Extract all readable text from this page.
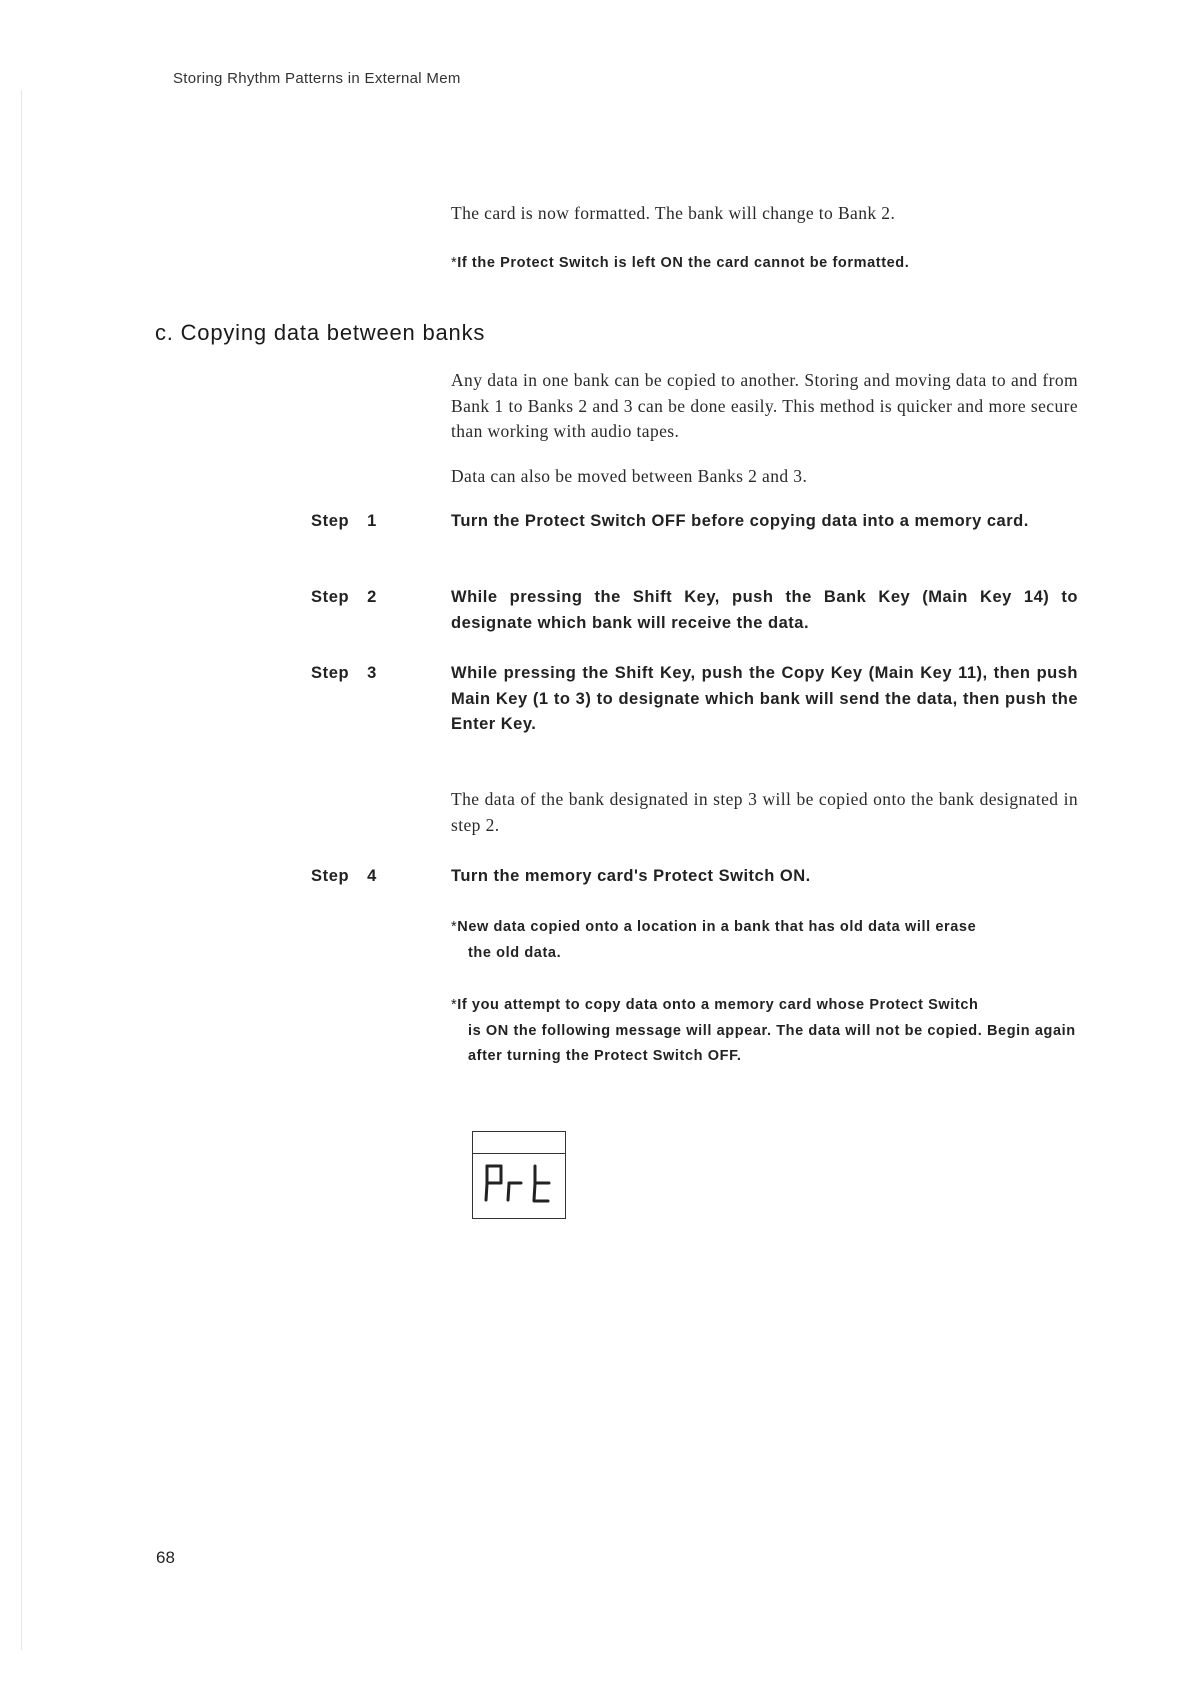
Storing Rhythm Patterns in External Mem
The card is now formatted. The bank will change to Bank 2.
*If the Protect Switch is left ON the card cannot be formatted.
c. Copying data between banks
Any data in one bank can be copied to another. Storing and moving data to and from Bank 1 to Banks 2 and 3 can be done easily. This method is quicker and more secure than working with audio tapes.
Data can also be moved between Banks 2 and 3.
Step 1	Turn the Protect Switch OFF before copying data into a memory card.
Step 2	While pressing the Shift Key, push the Bank Key (Main Key 14) to designate which bank will receive the data.
Step 3	While pressing the Shift Key, push the Copy Key (Main Key 11), then push Main Key (1 to 3) to designate which bank will send the data, then push the Enter Key.
The data of the bank designated in step 3 will be copied onto the bank designated in step 2.
Step 4	Turn the memory card's Protect Switch ON.
*New data copied onto a location in a bank that has old data will erase
the old data.
*If you attempt to copy data onto a memory card whose Protect Switch
is ON the following message will appear. The data will not be copied. Begin again after turning the Protect Switch OFF.
68
